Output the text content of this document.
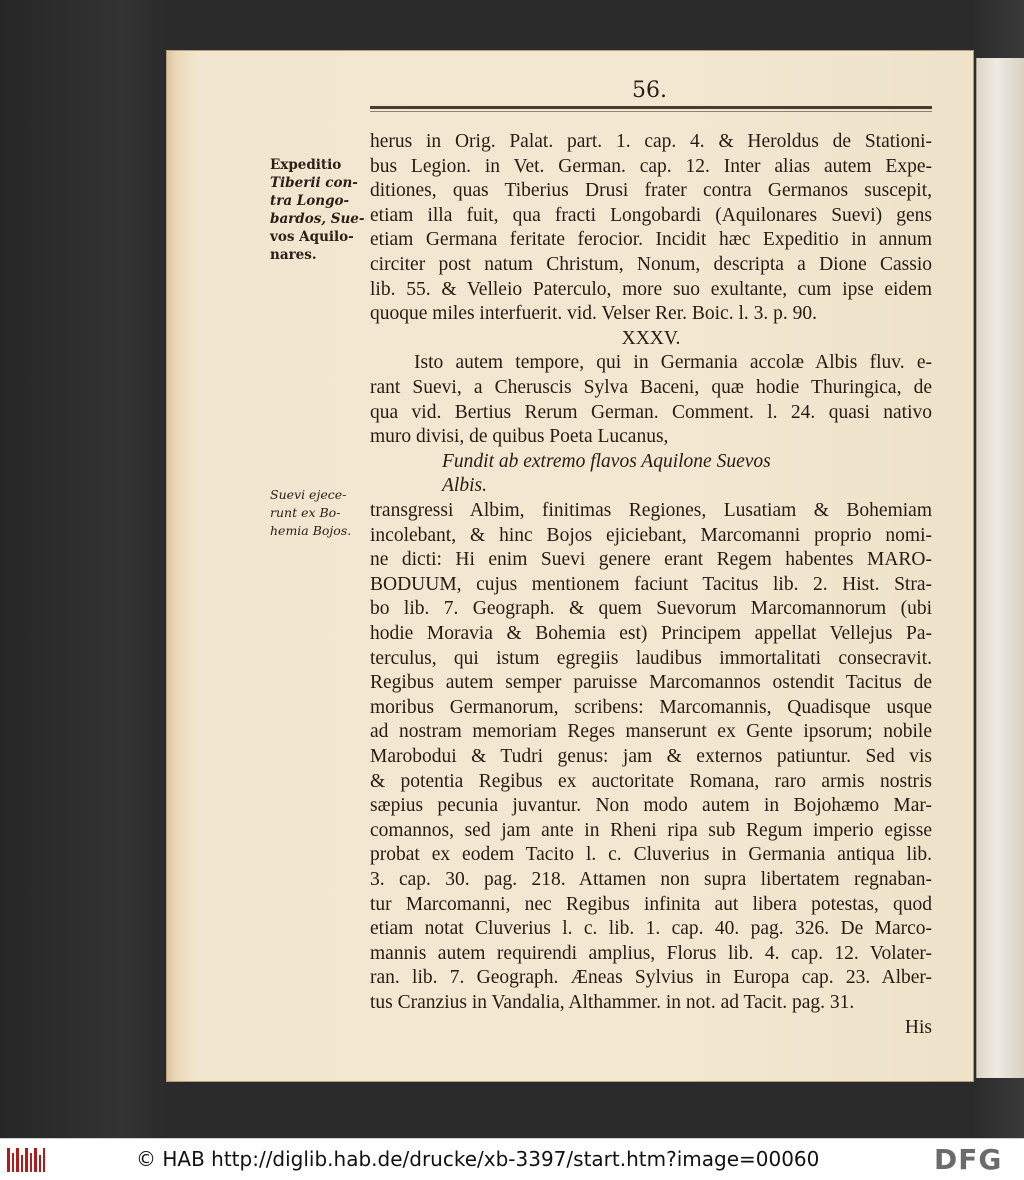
56.
Expeditio
Tiberii con-
tra Longo-
bardos, Sue-
vos Aquilo-
nares.
Suevi ejece-
runt ex Bo-
hemia Bojos.
herus in Orig. Palat. part. 1. cap. 4. & Heroldus de Stationi-
bus Legion. in Vet. German. cap. 12. Inter alias autem Expe-
ditiones, quas Tiberius Drusi frater contra Germanos suscepit,
etiam illa fuit, qua fracti Longobardi (Aquilonares Suevi) gens
etiam Germana feritate ferocior. Incidit hæc Expeditio in annum
circiter post natum Christum, Nonum, descripta a Dione Cassio
lib. 55. & Velleio Paterculo, more suo exultante, cum ipse eidem
quoque miles interfuerit. vid. Velser Rer. Boic. l. 3. p. 90.
XXXV.
Isto autem tempore, qui in Germania accolæ Albis fluv. e-
rant Suevi, a Cheruscis Sylva Baceni, quæ hodie Thuringica, de
qua vid. Bertius Rerum German. Comment. l. 24. quasi nativo
muro divisi, de quibus Poeta Lucanus,
Fundit ab extremo flavos Aquilone Suevos
Albis.
transgressi Albim, finitimas Regiones, Lusatiam & Bohemiam
incolebant, & hinc Bojos ejiciebant, Marcomanni proprio nomi-
ne dicti: Hi enim Suevi genere erant Regem habentes MARO-
BODUUM, cujus mentionem faciunt Tacitus lib. 2. Hist. Stra-
bo lib. 7. Geograph. & quem Suevorum Marcomannorum (ubi
hodie Moravia & Bohemia est) Principem appellat Vellejus Pa-
terculus, qui istum egregiis laudibus immortalitati consecravit.
Regibus autem semper paruisse Marcomannos ostendit Tacitus de
moribus Germanorum, scribens: Marcomannis, Quadisque usque
ad nostram memoriam Reges manserunt ex Gente ipsorum; nobile
Marobodui & Tudri genus: jam & externos patiuntur. Sed vis
& potentia Regibus ex auctoritate Romana, raro armis nostris
sæpius pecunia juvantur. Non modo autem in Bojohæmo Mar-
comannos, sed jam ante in Rheni ripa sub Regum imperio egisse
probat ex eodem Tacito l. c. Cluverius in Germania antiqua lib.
3. cap. 30. pag. 218. Attamen non supra libertatem regnaban-
tur Marcomanni, nec Regibus infinita aut libera potestas, quod
etiam notat Cluverius l. c. lib. 1. cap. 40. pag. 326. De Marco-
mannis autem requirendi amplius, Florus lib. 4. cap. 12. Volater-
ran. lib. 7. Geograph. Æneas Sylvius in Europa cap. 23. Alber-
tus Cranzius in Vandalia, Althammer. in not. ad Tacit. pag. 31.
His
© HAB http://diglib.hab.de/drucke/xb-3397/start.htm?image=00060	DFG
